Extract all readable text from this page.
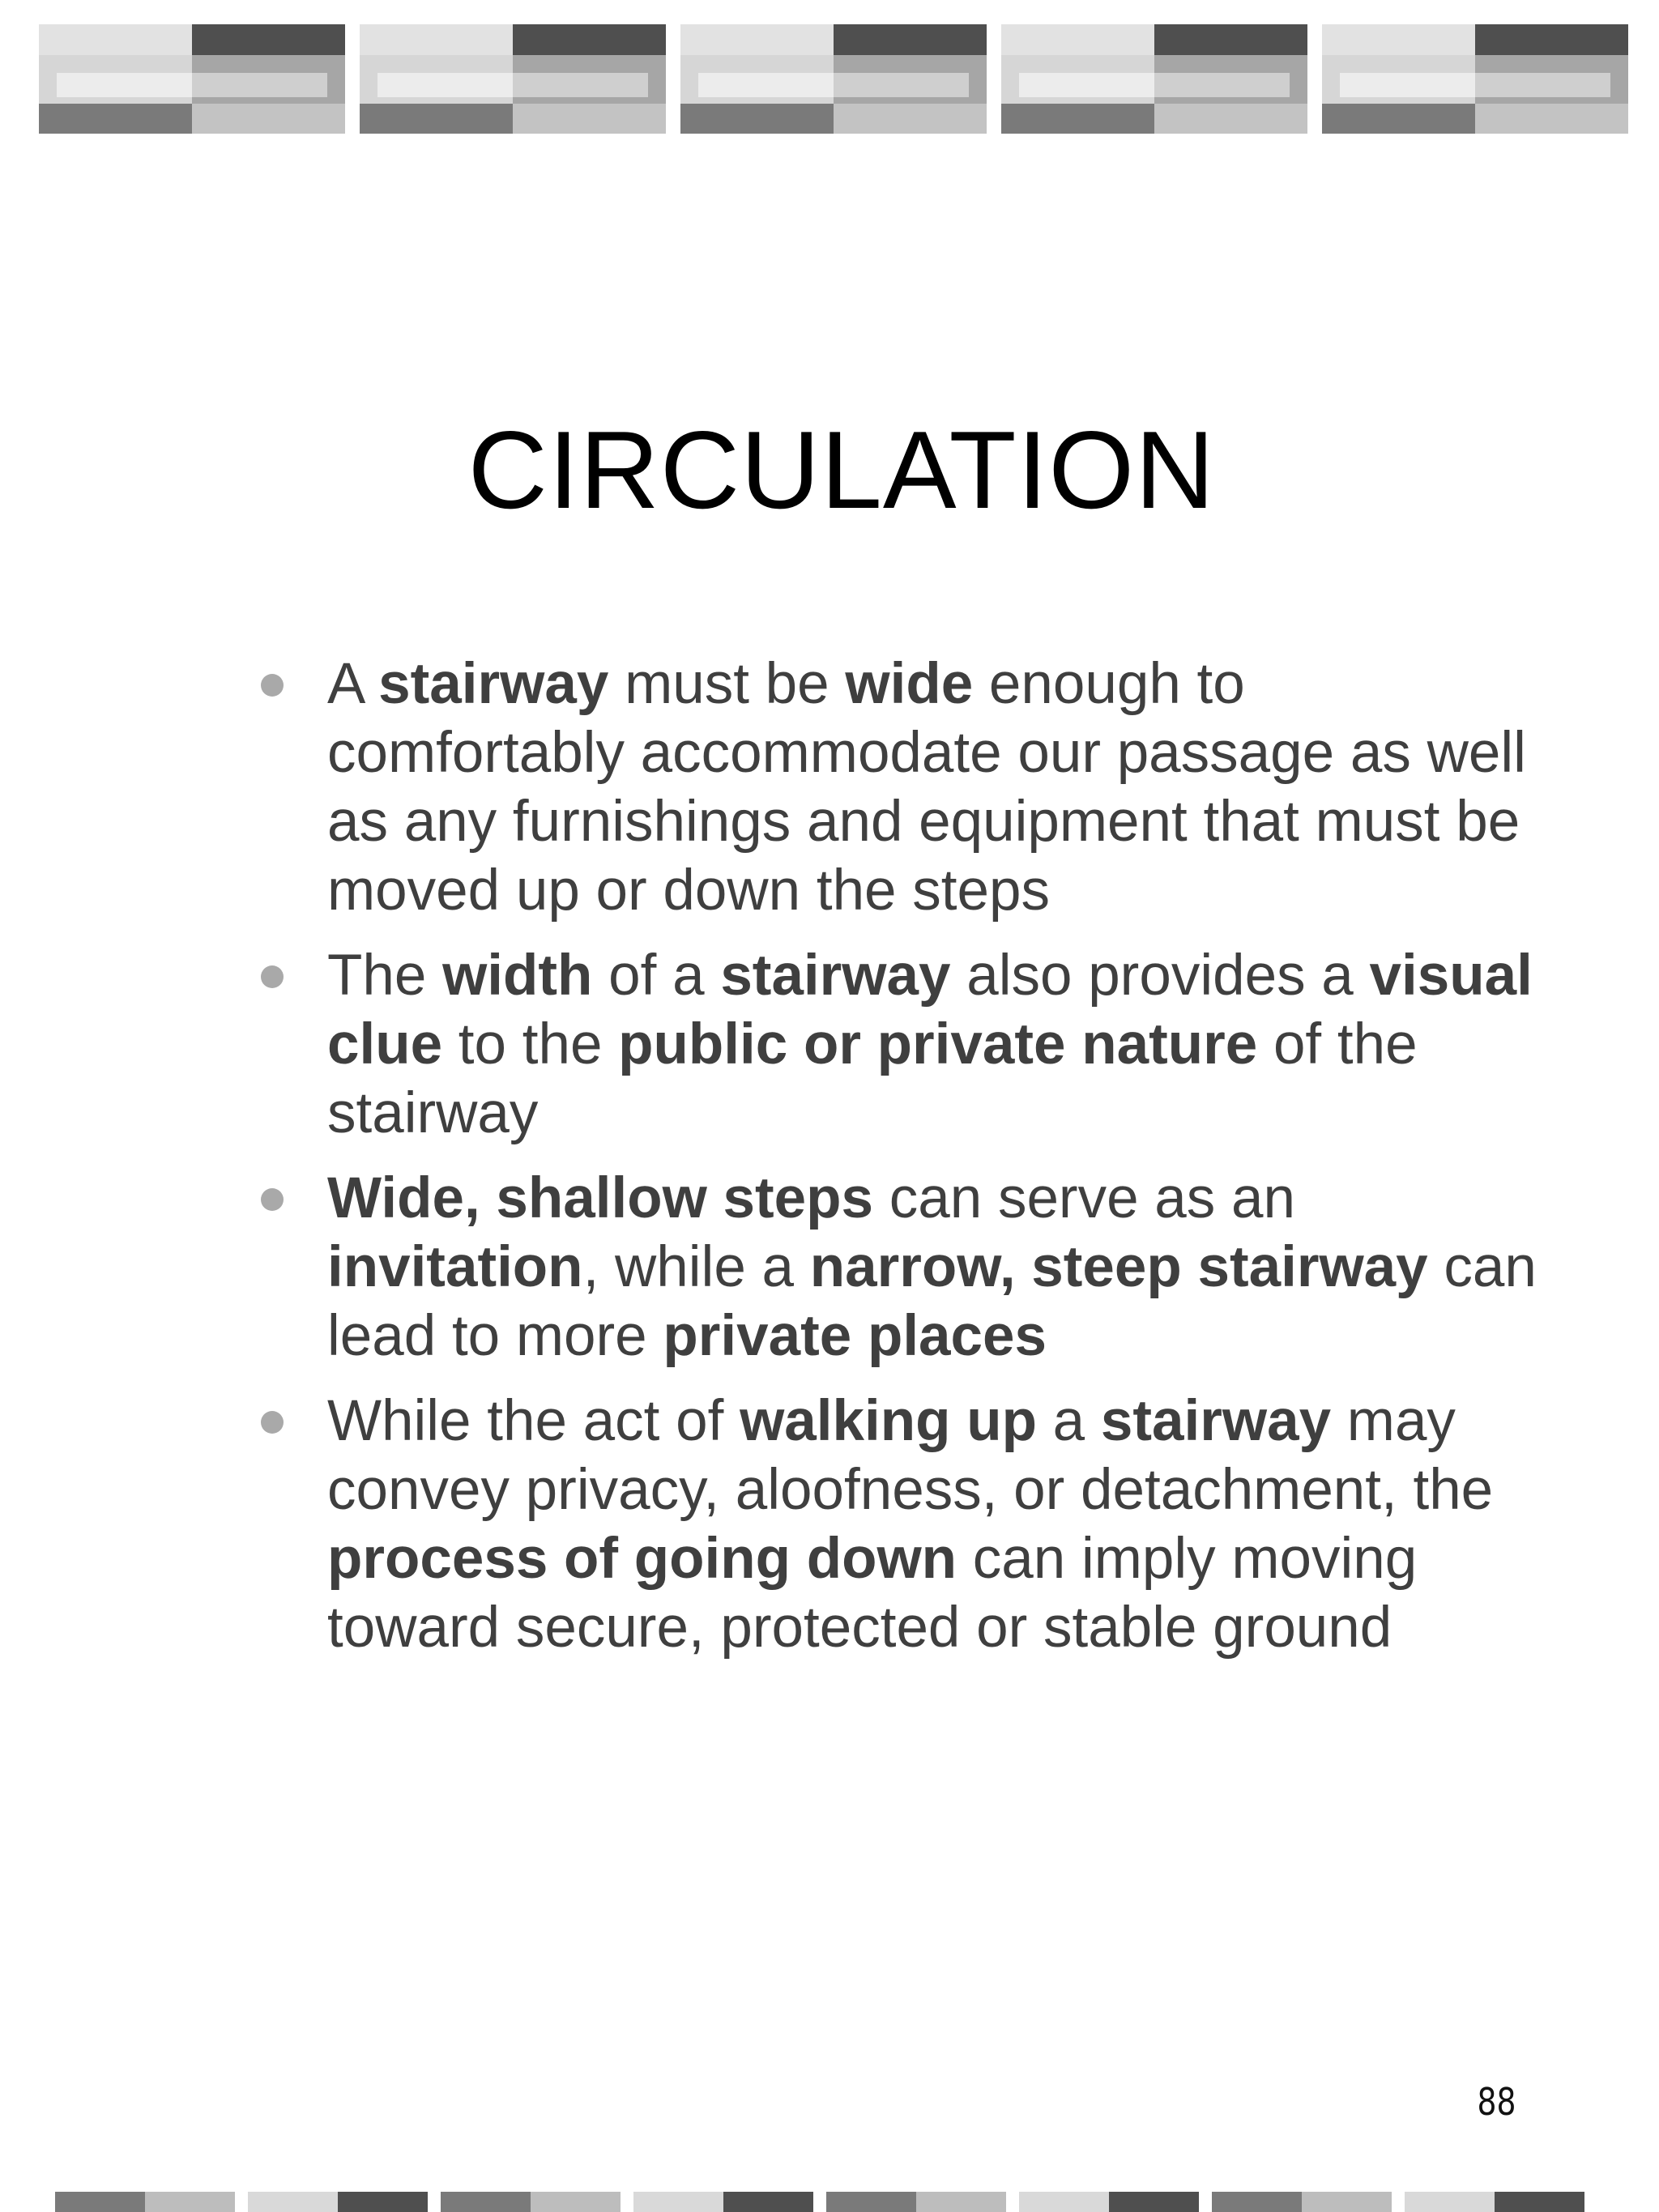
CIRCULATION
A stairway must be wide enough to comfortably accommodate our passage as well as any furnishings and equipment that must be moved up or down the steps
The width of a stairway also provides a visual clue to the public or private nature of the stairway
Wide, shallow steps can serve as an invitation, while a narrow, steep stairway can lead to more private places
While the act of walking up a stairway may convey privacy, aloofness, or detachment, the process of going down can imply moving toward secure, protected or stable ground
88
